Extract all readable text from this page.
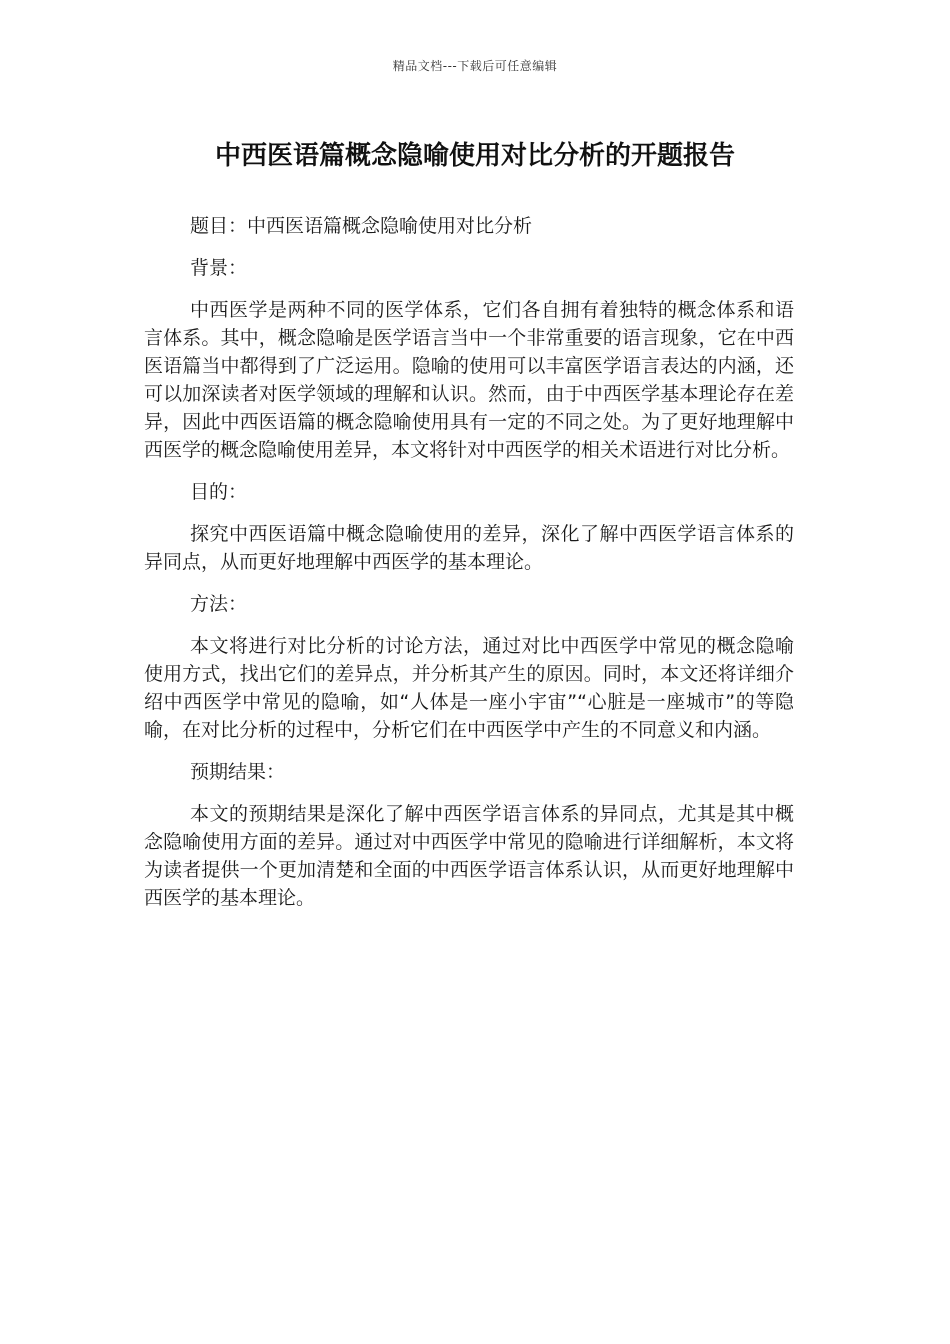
精品文档---下载后可任意编辑
中西医语篇概念隐喻使用对比分析的开题报告

题目：中西医语篇概念隐喻使用对比分析

背景：

中西医学是两种不同的医学体系，它们各自拥有着独特的概念体系和语言体系。其中，概念隐喻是医学语言当中一个非常重要的语言现象，它在中西医语篇当中都得到了广泛运用。隐喻的使用可以丰富医学语言表达的内涵，还可以加深读者对医学领域的理解和认识。然而，由于中西医学基本理论存在差异，因此中西医语篇的概念隐喻使用具有一定的不同之处。为了更好地理解中西医学的概念隐喻使用差异，本文将针对中西医学的相关术语进行对比分析。

目的：

探究中西医语篇中概念隐喻使用的差异，深化了解中西医学语言体系的异同点，从而更好地理解中西医学的基本理论。

方法：

本文将进行对比分析的讨论方法，通过对比中西医学中常见的概念隐喻使用方式，找出它们的差异点，并分析其产生的原因。同时，本文还将详细介绍中西医学中常见的隐喻，如“人体是一座小宇宙”“心脏是一座城市”的等隐喻，在对比分析的过程中，分析它们在中西医学中产生的不同意义和内涵。

预期结果：

本文的预期结果是深化了解中西医学语言体系的异同点，尤其是其中概念隐喻使用方面的差异。通过对中西医学中常见的隐喻进行详细解析，本文将为读者提供一个更加清楚和全面的中西医学语言体系认识，从而更好地理解中西医学的基本理论。
